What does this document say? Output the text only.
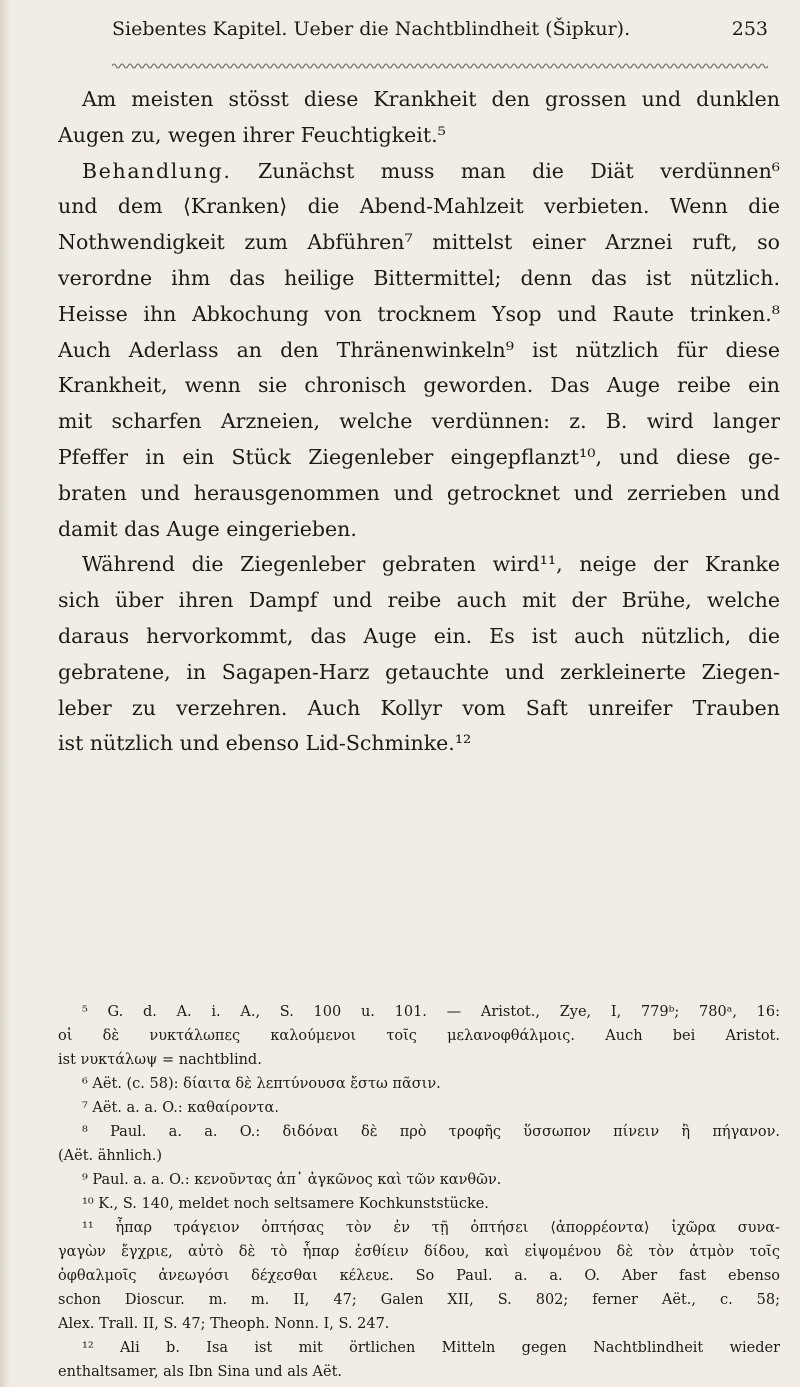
Siebentes Kapitel. Ueber die Nachtblindheit (Šipkur).	253
Am meisten stösst diese Krankheit den grossen und dunklen
Augen zu, wegen ihrer Feuchtigkeit.⁵
Behandlung. Zunächst muss man die Diät verdünnen⁶
und dem ⟨Kranken⟩ die Abend-Mahlzeit verbieten. Wenn die
Nothwendigkeit zum Abführen⁷ mittelst einer Arznei ruft, so
verordne ihm das heilige Bittermittel; denn das ist nützlich.
Heisse ihn Abkochung von trocknem Ysop und Raute trinken.⁸
Auch Aderlass an den Thränenwinkeln⁹ ist nützlich für diese
Krankheit, wenn sie chronisch geworden. Das Auge reibe ein
mit scharfen Arzneien, welche verdünnen: z. B. wird langer
Pfeffer in ein Stück Ziegenleber eingepflanzt¹⁰, und diese ge-
braten und herausgenommen und getrocknet und zerrieben und
damit das Auge eingerieben.
Während die Ziegenleber gebraten wird¹¹, neige der Kranke
sich über ihren Dampf und reibe auch mit der Brühe, welche
daraus hervorkommt, das Auge ein. Es ist auch nützlich, die
gebratene, in Sagapen-Harz getauchte und zerkleinerte Ziegen-
leber zu verzehren. Auch Kollyr vom Saft unreifer Trauben
ist nützlich und ebenso Lid-Schminke.¹²
⁵ G. d. A. i. A., S. 100 u. 101. — Aristot., Zye, I, 779ᵇ; 780ᵃ, 16:
οἱ δὲ νυκτάλωπες καλούμενοι τοῖς μελανοφθάλμοις. Auch bei Aristot.
ist νυκτάλωψ = nachtblind.
⁶ Aët. (c. 58): δίαιτα δὲ λεπτύνουσα ἔστω πᾶσιν.
⁷ Aët. a. a. O.: καθαίροντα.
⁸ Paul. a. a. O.: διδόναι δὲ πρὸ τροφῆς ὕσσωπον πίνειν ἢ πήγανον.
(Aët. ähnlich.)
⁹ Paul. a. a. O.: κενοῦντας ἀπ᾽ ἀγκῶνος καὶ τῶν κανθῶν.
¹⁰ K., S. 140, meldet noch seltsamere Kochkunststücke.
¹¹ ἧπαρ τράγειον ὀπτήσας τὸν ἐν τῇ ὀπτήσει ⟨ἀπορρέοντα⟩ ἰχῶρα συνα-
γαγὼν ἔγχριε, αὐτὸ δὲ τὸ ἧπαρ ἐσθίειν δίδου, καὶ εἰψομένου δὲ τὸν ἀτμὸν τοῖς
ὀφθαλμοῖς ἀνεωγόσι δέχεσθαι κέλευε. So Paul. a. a. O. Aber fast ebenso
schon Dioscur. m. m. II, 47; Galen XII, S. 802; ferner Aët., c. 58;
Alex. Trall. II, S. 47; Theoph. Nonn. I, S. 247.
¹² Ali b. Isa ist mit örtlichen Mitteln gegen Nachtblindheit wieder
enthaltsamer, als Ibn Sina und als Aët.
